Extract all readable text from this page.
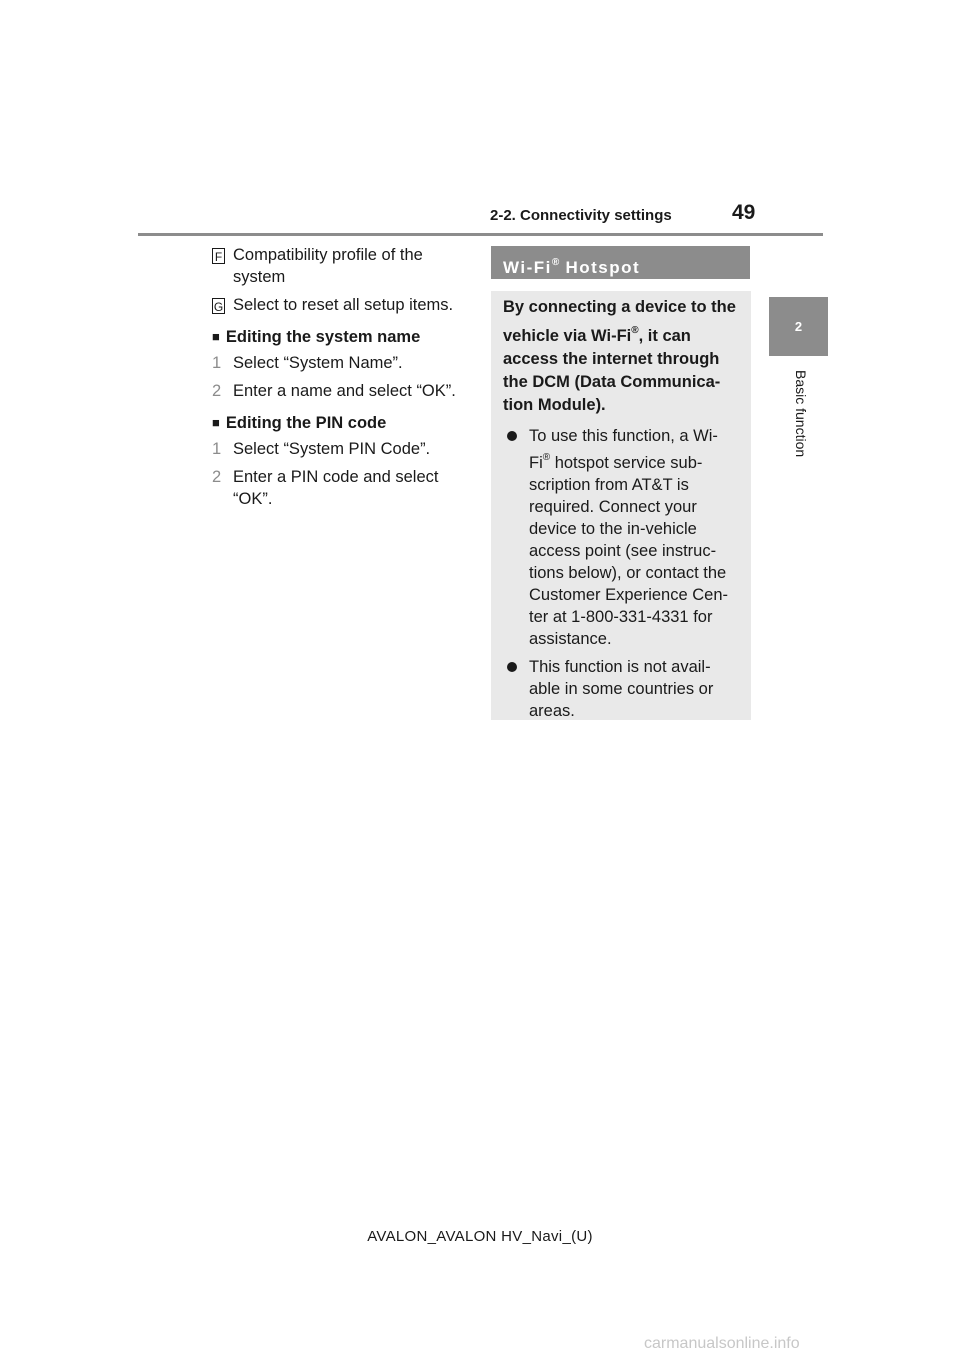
2-2. Connectivity settings	49
2
Basic function
F Compatibility profile of the system
G Select to reset all setup items.
■ Editing the system name
1 Select “System Name”.
2 Enter a name and select “OK”.
■ Editing the PIN code
1 Select “System PIN Code”.
2 Enter a PIN code and select “OK”.
Wi-Fi® Hotspot
By connecting a device to the vehicle via Wi-Fi®, it can access the internet through the DCM (Data Communica-tion Module).
To use this function, a Wi-Fi® hotspot service sub-scription from AT&T is required. Connect your device to the in-vehicle access point (see instruc-tions below), or contact the Customer Experience Cen-ter at 1-800-331-4331 for assistance.
This function is not avail-able in some countries or areas.
AVALON_AVALON HV_Navi_(U)
carmanualsonline.info
